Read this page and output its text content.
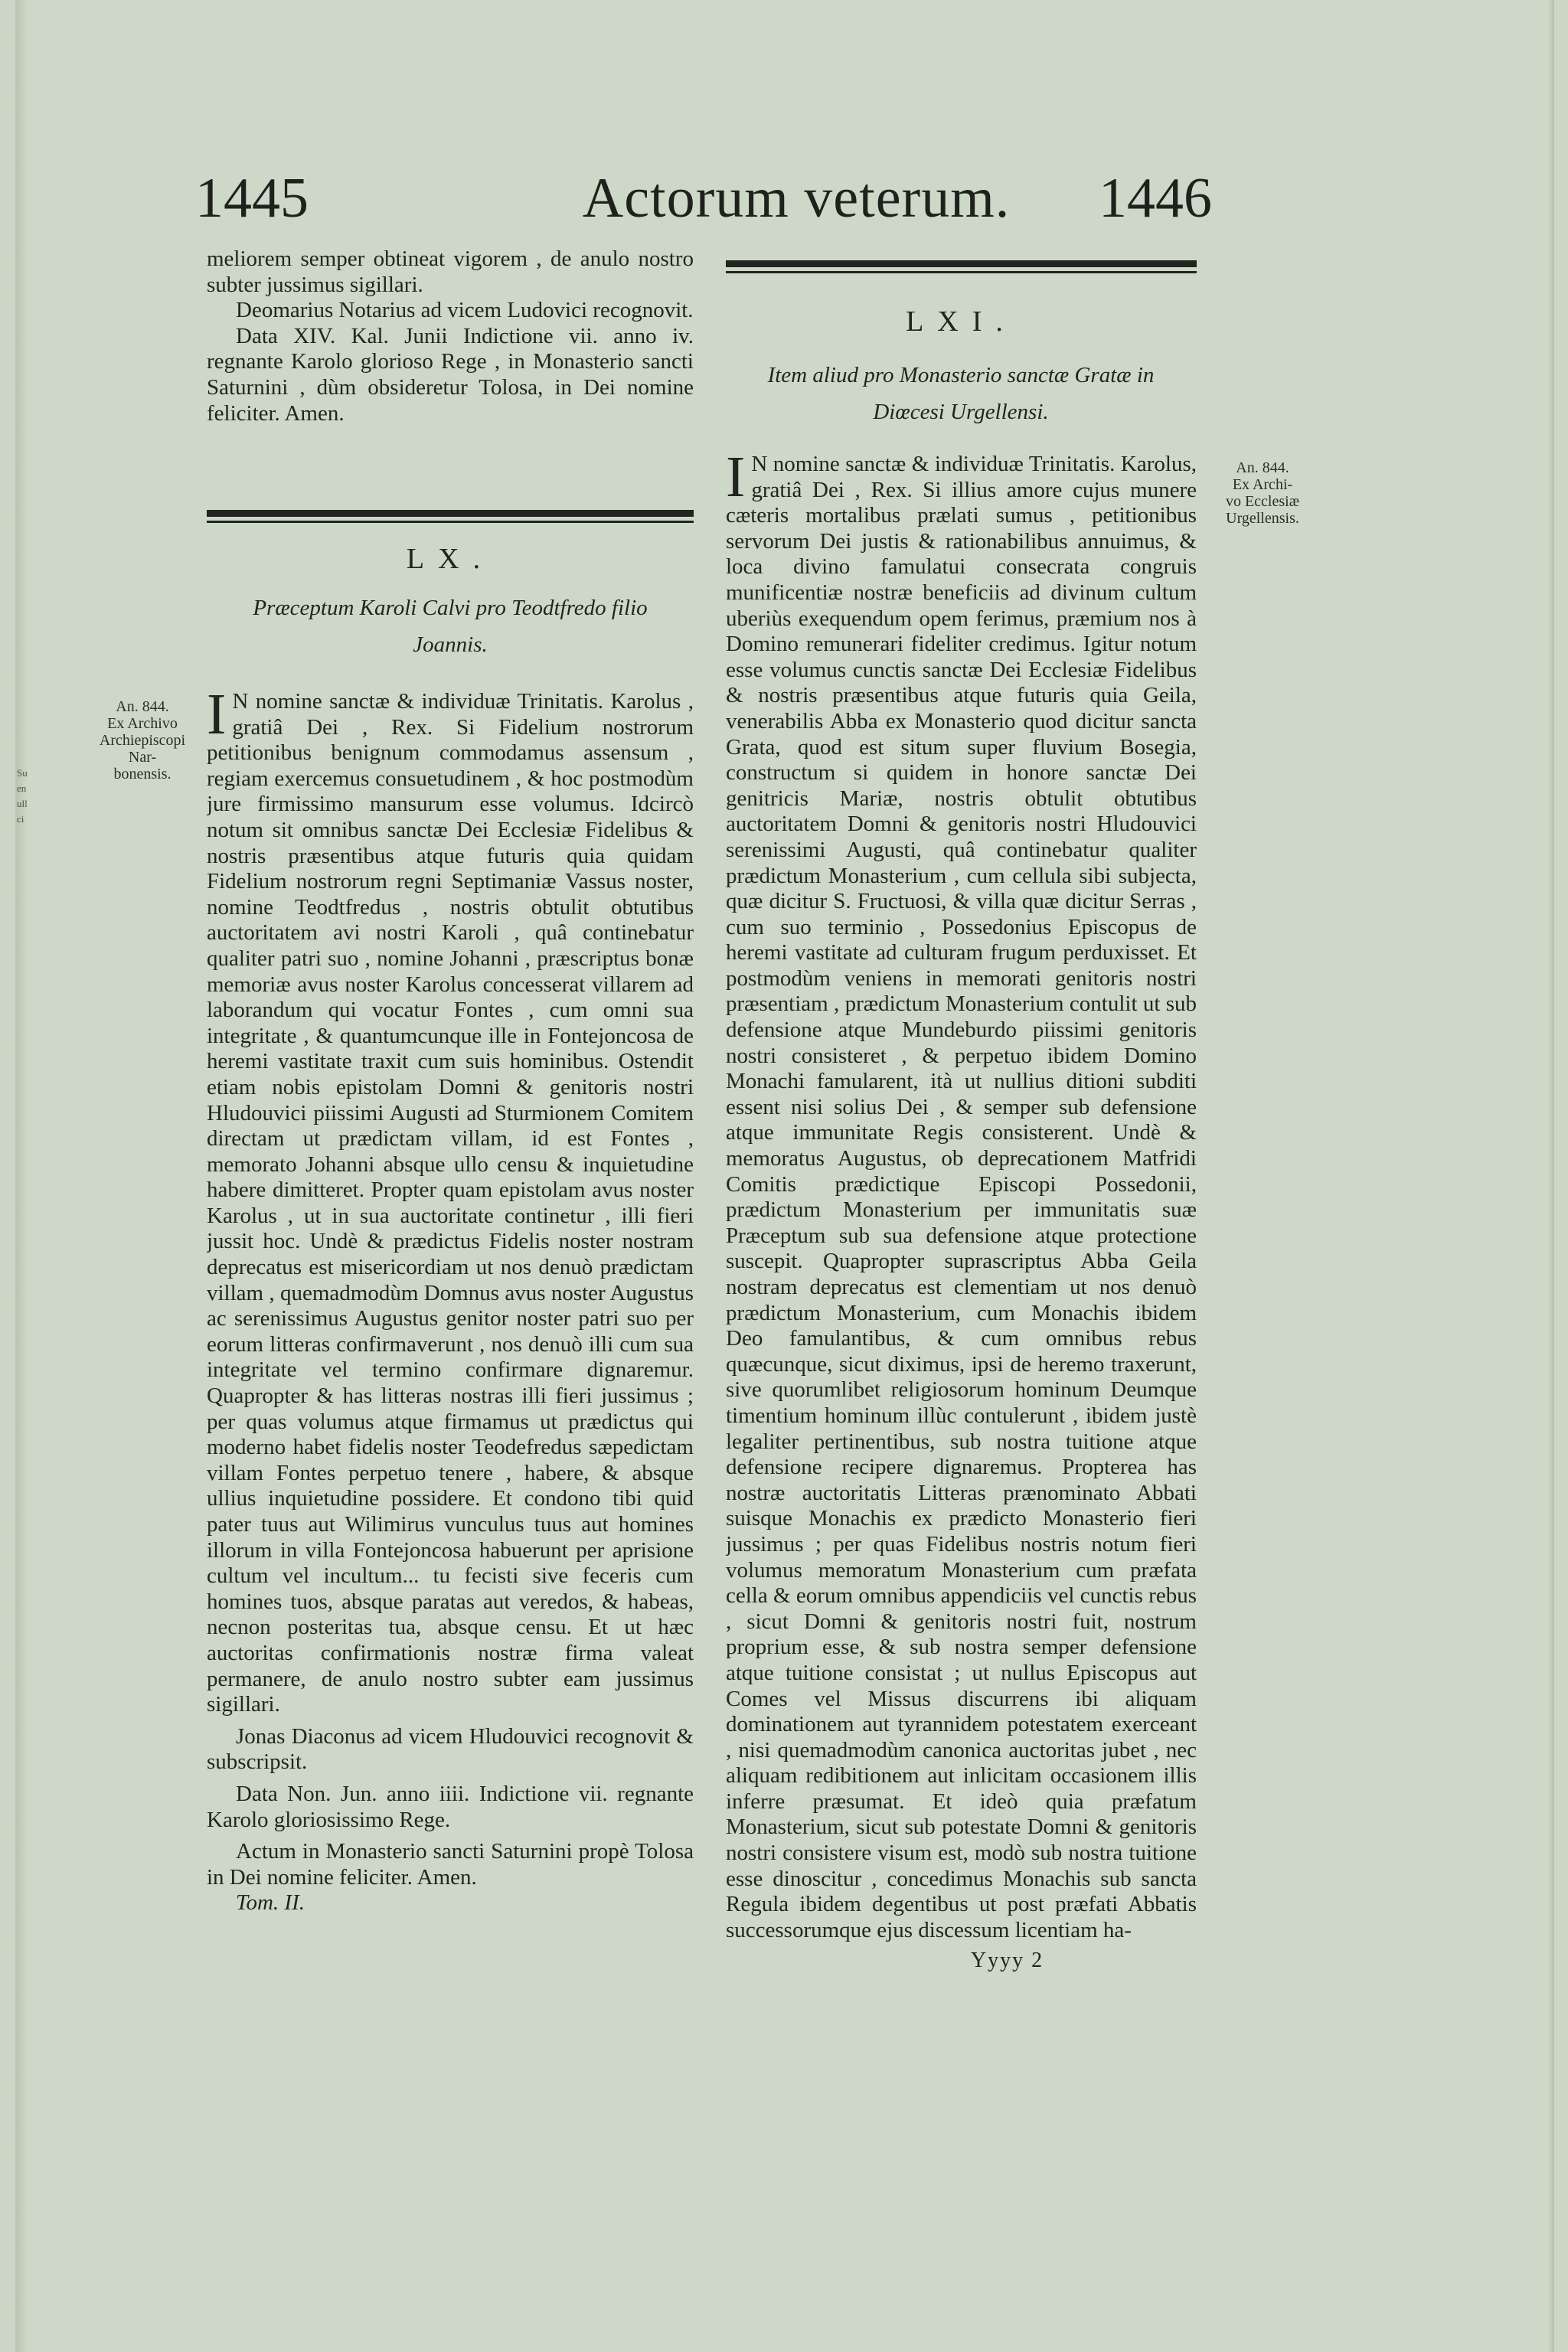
Su en ull ci
1445	Actorum veterum.	1446

meliorem semper obtineat vigorem , de anulo nostro subter jussimus sigillari.

Deomarius Notarius ad vicem Ludovici recognovit.

Data XIV. Kal. Junii Indictione vii. anno iv. regnante Karolo glorioso Rege , in Monasterio sancti Saturnini , dùm obsideretur Tolosa, in Dei nomine feliciter. Amen.

LX.
Præceptum Karoli Calvi pro Teodtfredo filio Joannis.
An. 844.
Ex Archivo
Archiepiscopi Nar-
bonensis.
I N nomine sanctæ & individuæ Trinitatis. Karolus , gratiâ Dei , Rex. Si Fidelium nostrorum petitionibus benignum commodamus assensum , regiam exercemus consuetudinem , & hoc postmodùm jure firmissimo mansurum esse volumus. Idcircò notum sit omnibus sanctæ Dei Ecclesiæ Fidelibus & nostris præsentibus atque futuris quia quidam Fidelium nostrorum regni Septimaniæ Vassus noster, nomine Teodtfredus , nostris obtulit obtutibus auctoritatem avi nostri Karoli , quâ continebatur qualiter patri suo , nomine Johanni , præscriptus bonæ memoriæ avus noster Karolus concesserat villarem ad laborandum qui vocatur Fontes , cum omni sua integritate , & quantumcunque ille in Fontejoncosa de heremi vastitate traxit cum suis hominibus. Ostendit etiam nobis epistolam Domni & genitoris nostri Hludouvici piissimi Augusti ad Sturmionem Comitem directam ut prædictam villam, id est Fontes , memorato Johanni absque ullo censu & inquietudine habere dimitteret. Propter quam epistolam avus noster Karolus , ut in sua auctoritate continetur , illi fieri jussit hoc. Undè & prædictus Fidelis noster nostram deprecatus est misericordiam ut nos denuò prædictam villam , quemadmodùm Domnus avus noster Augustus ac serenissimus Augustus genitor noster patri suo per eorum litteras confirmaverunt , nos denuò illi cum sua integritate vel termino confirmare dignaremur. Quapropter & has litteras nostras illi fieri jussimus ; per quas volumus atque firmamus ut prædictus qui moderno habet fidelis noster Teodefredus sæpedictam villam Fontes perpetuo tenere , habere, & absque ullius inquietudine possidere. Et condono tibi quid pater tuus aut Wilimirus vunculus tuus aut homines illorum in villa Fontejoncosa habuerunt per aprisione cultum vel incultum... tu fecisti sive feceris cum homines tuos, absque paratas aut veredos, & habeas, necnon posteritas tua, absque censu. Et ut hæc auctoritas confirmationis nostræ firma valeat permanere, de anulo nostro subter eam jussimus sigillari.

Jonas Diaconus ad vicem Hludouvici recognovit & subscripsit.

Data Non. Jun. anno iiii. Indictione vii. regnante Karolo gloriosissimo Rege.

Actum in Monasterio sancti Saturnini propè Tolosa in Dei nomine feliciter. Amen.

Tom. II.

LXI.
Item aliud pro Monasterio sanctæ Gratæ in Diœcesi Urgellensi.
An. 844.
Ex Archi-
vo Ecclesiæ
Urgellensis.
I N nomine sanctæ & individuæ Trinitatis. Karolus, gratiâ Dei , Rex. Si illius amore cujus munere cæteris mortalibus prælati sumus , petitionibus servorum Dei justis & rationabilibus annuimus, & loca divino famulatui consecrata congruis munificentiæ nostræ beneficiis ad divinum cultum uberiùs exequendum opem ferimus, præmium nos à Domino remunerari fideliter credimus. Igitur notum esse volumus cunctis sanctæ Dei Ecclesiæ Fidelibus & nostris præsentibus atque futuris quia Geila, venerabilis Abba ex Monasterio quod dicitur sancta Grata, quod est situm super fluvium Bosegia, constructum si quidem in honore sanctæ Dei genitricis Mariæ, nostris obtulit obtutibus auctoritatem Domni & genitoris nostri Hludouvici serenissimi Augusti, quâ continebatur qualiter prædictum Monasterium , cum cellula sibi subjecta, quæ dicitur S. Fructuosi, & villa quæ dicitur Serras , cum suo terminio , Possedonius Episcopus de heremi vastitate ad culturam frugum perduxisset. Et postmodùm veniens in memorati genitoris nostri præsentiam , prædictum Monasterium contulit ut sub defensione atque Mundeburdo piissimi genitoris nostri consisteret , & perpetuo ibidem Domino Monachi famularent, ità ut nullius ditioni subditi essent nisi solius Dei , & semper sub defensione atque immunitate Regis consisterent. Undè & memoratus Augustus, ob deprecationem Matfridi Comitis prædictique Episcopi Possedonii, prædictum Monasterium per immunitatis suæ Præceptum sub sua defensione atque protectione suscepit. Quapropter suprascriptus Abba Geila nostram deprecatus est clementiam ut nos denuò prædictum Monasterium, cum Monachis ibidem Deo famulantibus, & cum omnibus rebus quæcunque, sicut diximus, ipsi de heremo traxerunt, sive quorumlibet religiosorum hominum Deumque timentium hominum illùc contulerunt , ibidem justè legaliter pertinentibus, sub nostra tuitione atque defensione recipere dignaremus. Propterea has nostræ auctoritatis Litteras prænominato Abbati suisque Monachis ex prædicto Monasterio fieri jussimus ; per quas Fidelibus nostris notum fieri volumus memoratum Monasterium cum præfata cella & eorum omnibus appendiciis vel cunctis rebus , sicut Domni & genitoris nostri fuit, nostrum proprium esse, & sub nostra semper defensione atque tuitione consistat ; ut nullus Episcopus aut Comes vel Missus discurrens ibi aliquam dominationem aut tyrannidem potestatem exerceant , nisi quemadmodùm canonica auctoritas jubet , nec aliquam redibitionem aut inlicitam occasionem illis inferre præsumat. Et ideò quia præfatum Monasterium, sicut sub potestate Domni & genitoris nostri consistere visum est, modò sub nostra tuitione esse dinoscitur , concedimus Monachis sub sancta Regula ibidem degentibus ut post præfati Abbatis successorumque ejus discessum licentiam ha-
Yyyy 2
